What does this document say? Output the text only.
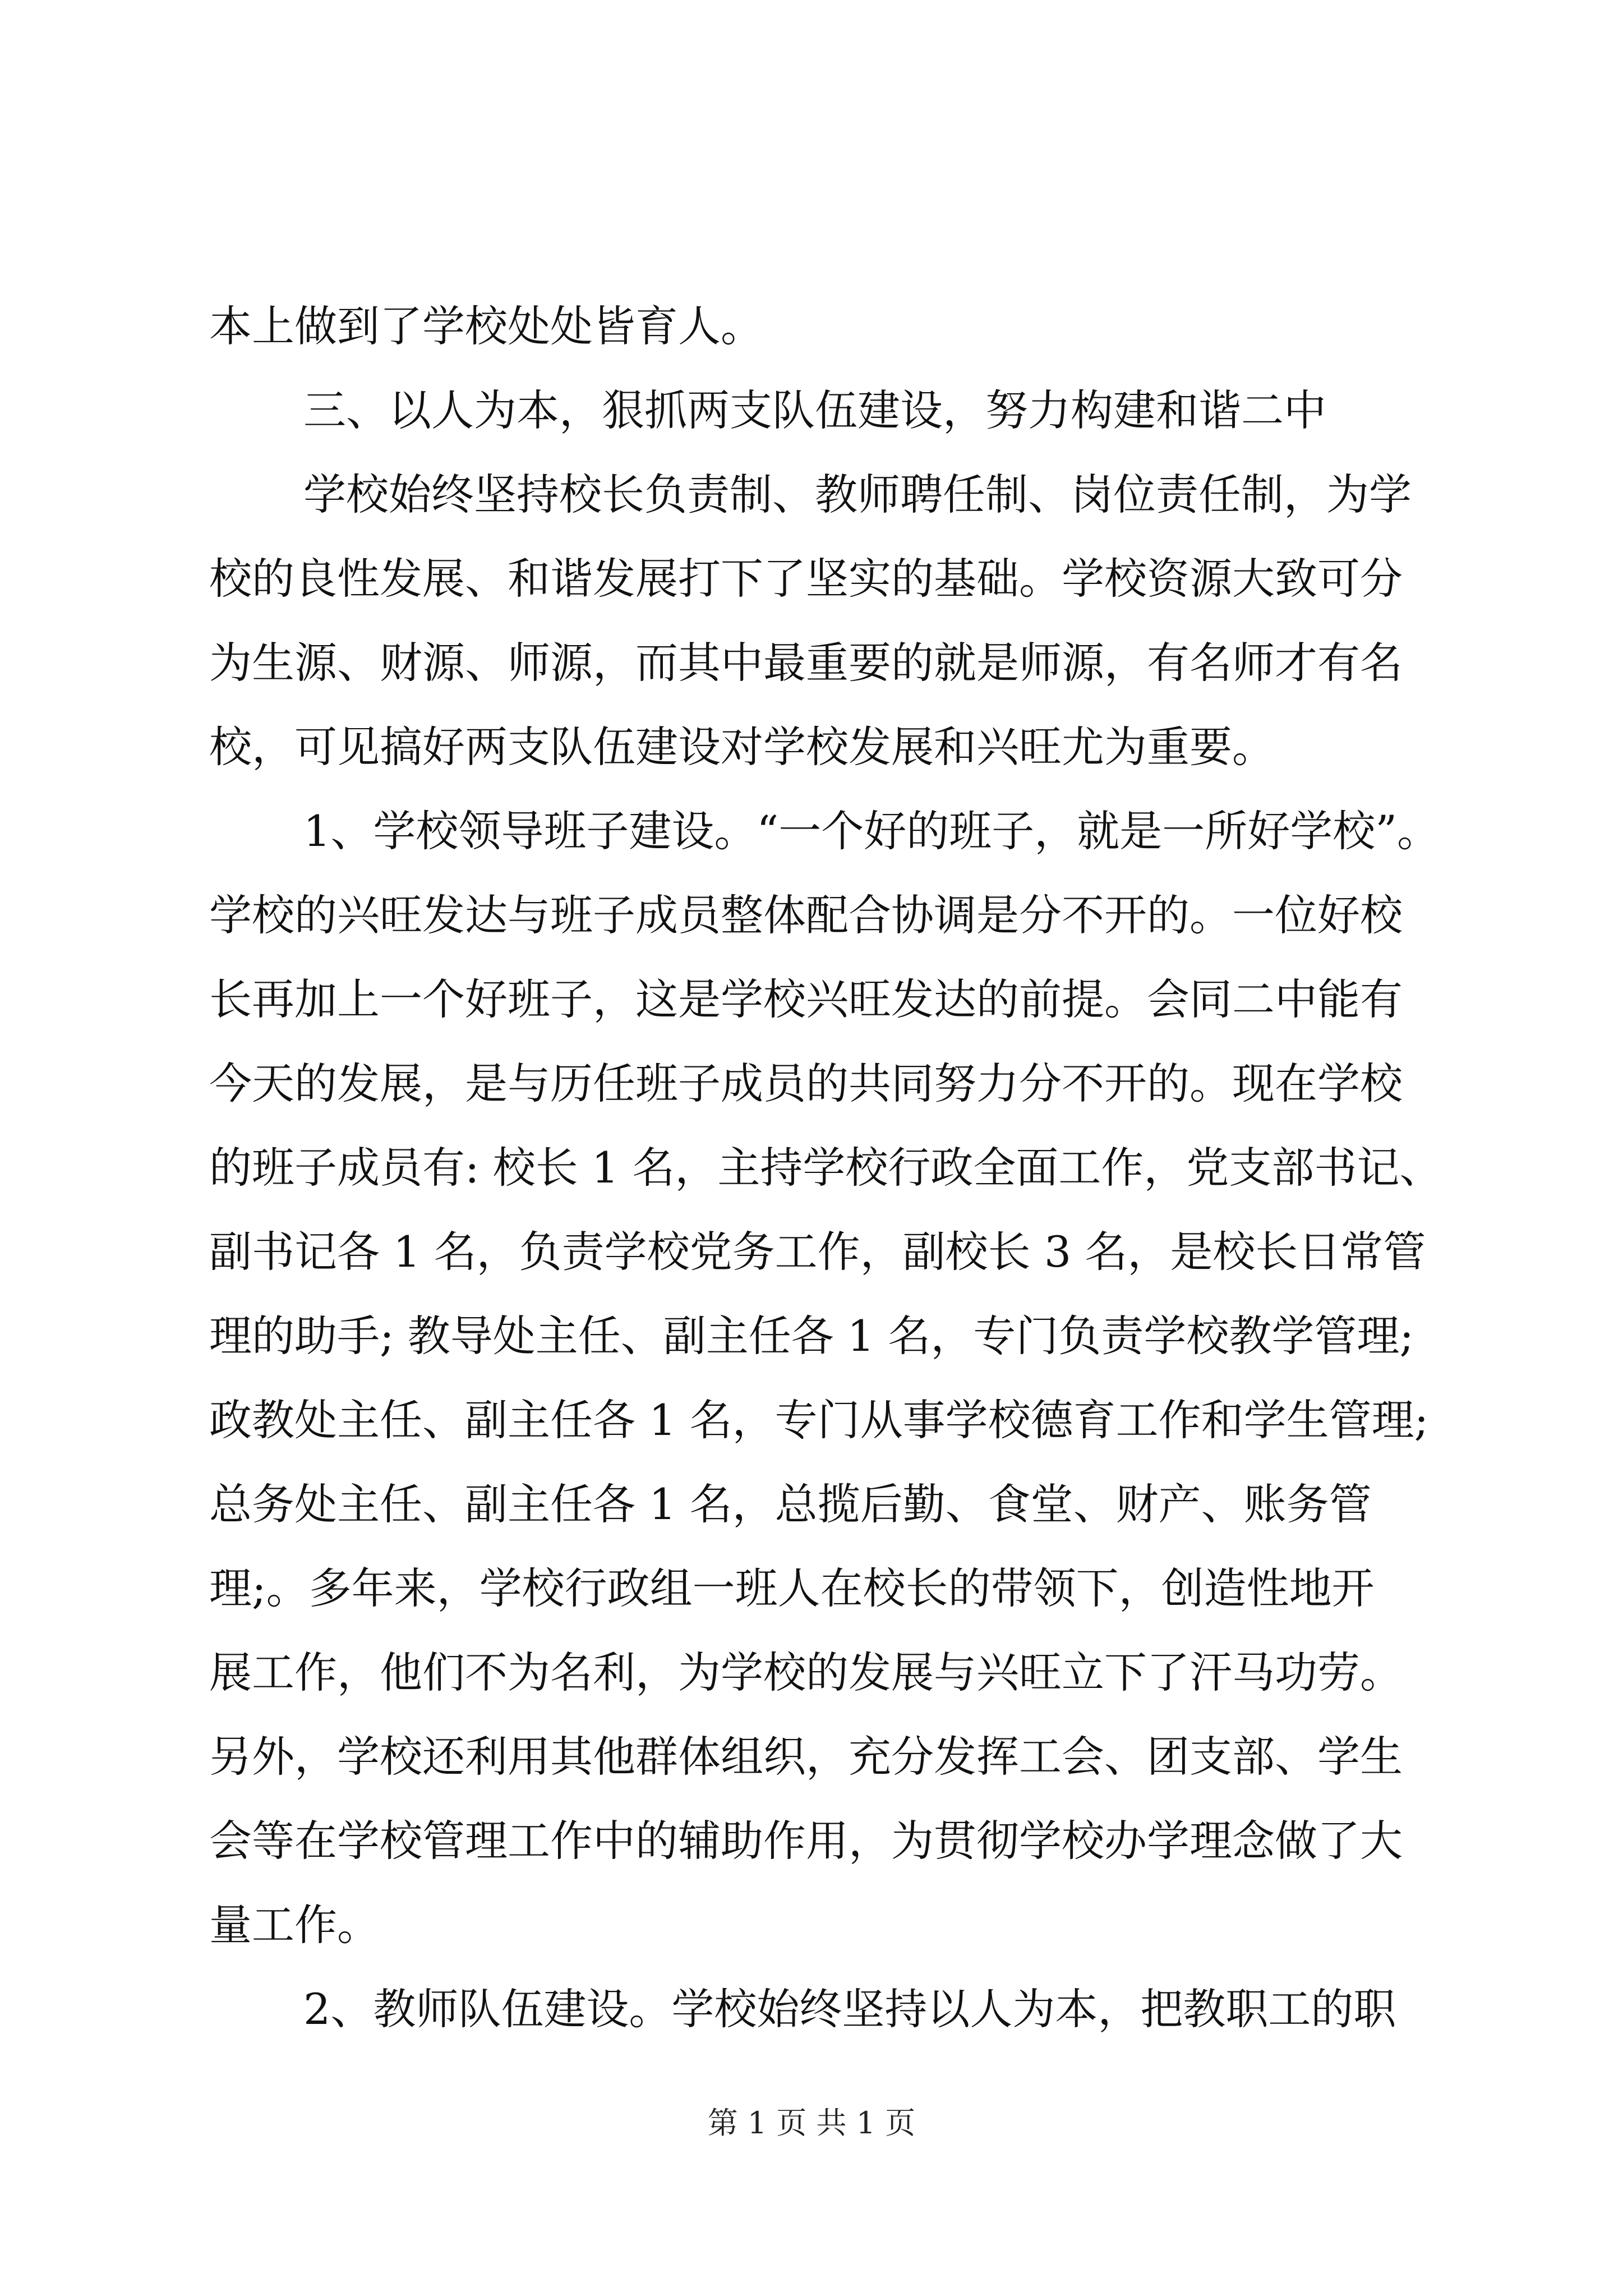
本上做到了学校处处皆育人。
三、以人为本，狠抓两支队伍建设，努力构建和谐二中
学校始终坚持校长负责制、教师聘任制、岗位责任制，为学
校的良性发展、和谐发展打下了坚实的基础。学校资源大致可分
为生源、财源、师源，而其中最重要的就是师源，有名师才有名
校，可见搞好两支队伍建设对学校发展和兴旺尤为重要。
1、学校领导班子建设。“一个好的班子，就是一所好学校”。
学校的兴旺发达与班子成员整体配合协调是分不开的。一位好校
长再加上一个好班子，这是学校兴旺发达的前提。会同二中能有
今天的发展，是与历任班子成员的共同努力分不开的。现在学校
的班子成员有: 校长 1 名，主持学校行政全面工作，党支部书记、
副书记各 1 名，负责学校党务工作，副校长 3 名，是校长日常管
理的助手; 教导处主任、副主任各 1 名，专门负责学校教学管理;
政教处主任、副主任各 1 名，专门从事学校德育工作和学生管理;
总务处主任、副主任各 1 名，总揽后勤、食堂、财产、账务管
理;。多年来，学校行政组一班人在校长的带领下，创造性地开
展工作，他们不为名利，为学校的发展与兴旺立下了汗马功劳。
另外，学校还利用其他群体组织，充分发挥工会、团支部、学生
会等在学校管理工作中的辅助作用，为贯彻学校办学理念做了大
量工作。
2、教师队伍建设。学校始终坚持以人为本，把教职工的职
第 1 页 共 1 页
